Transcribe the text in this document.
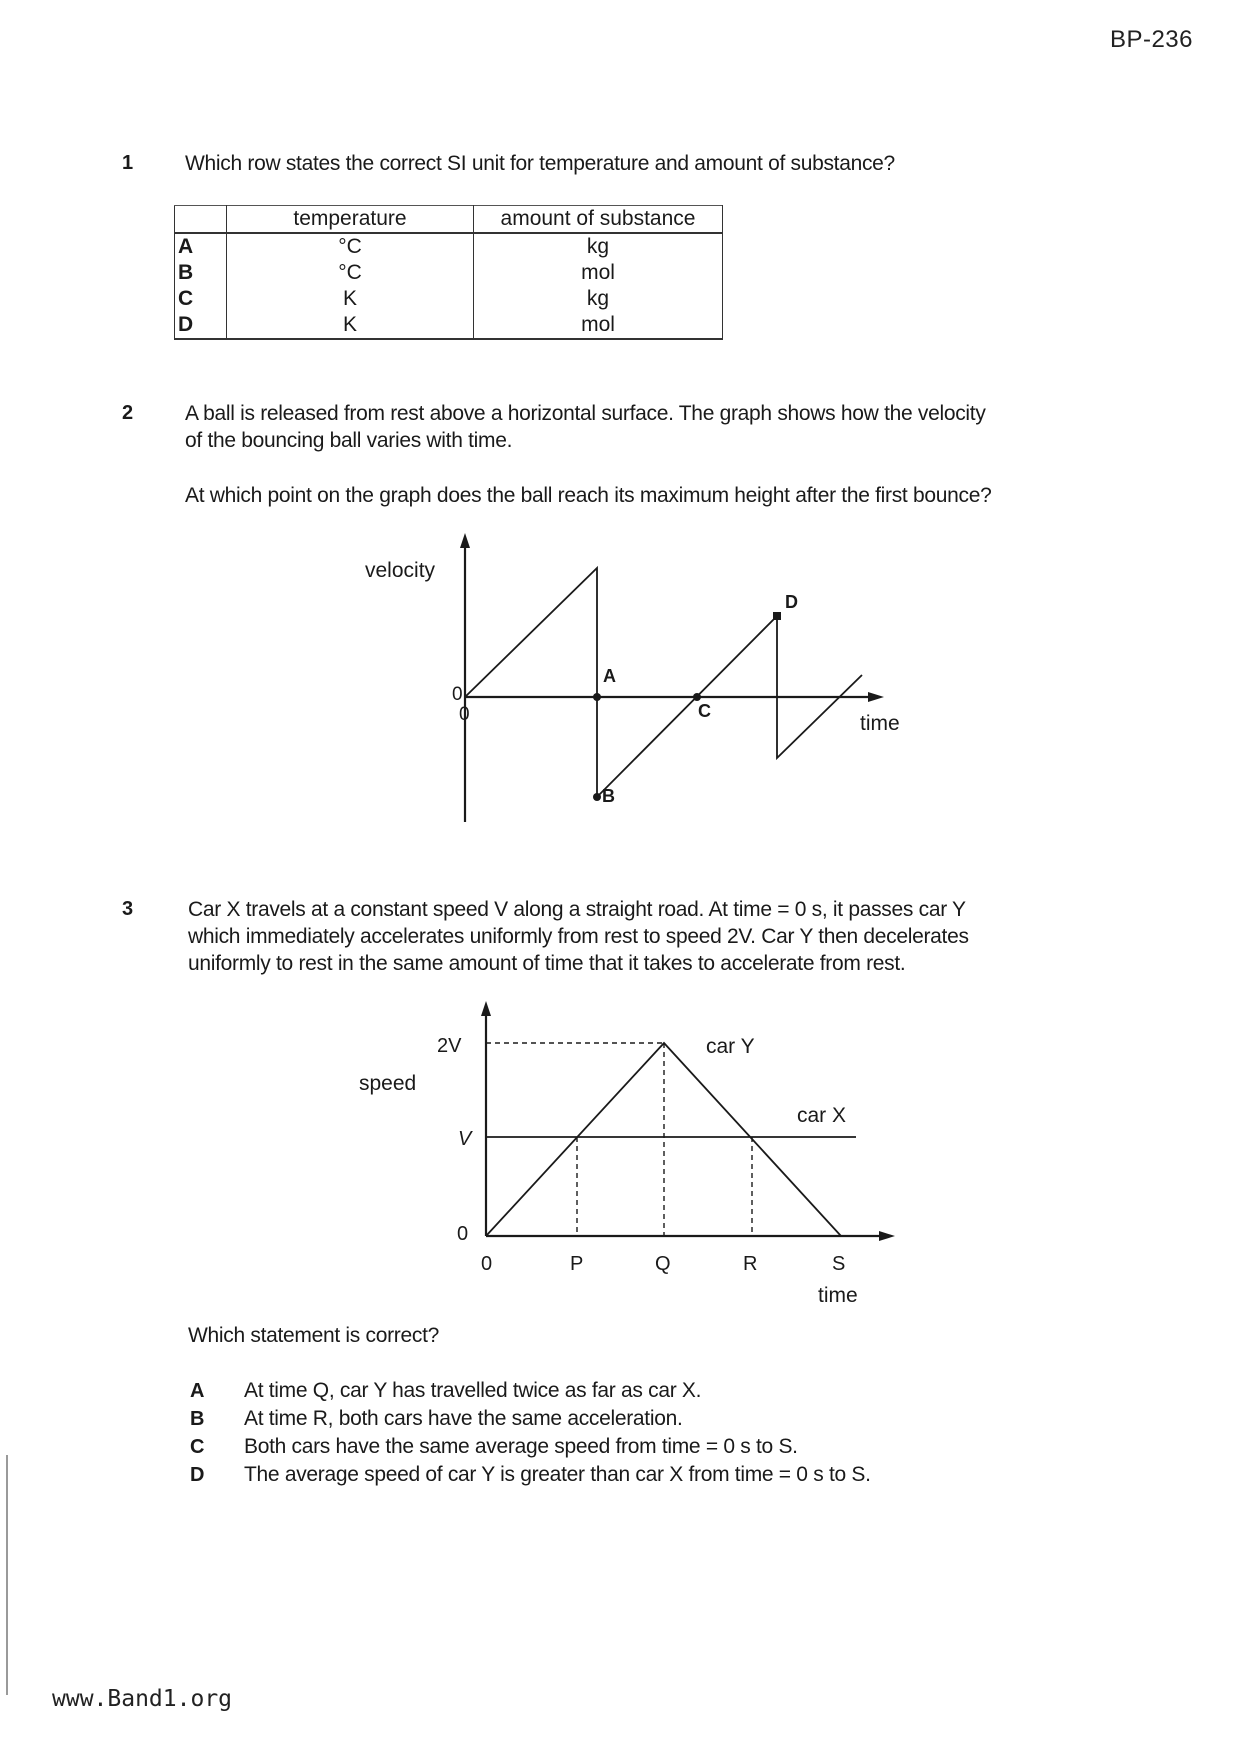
BP-236
1 Which row states the correct SI unit for temperature and amount of substance?
	temperature	amount of substance
A	°C	kg
B	°C	mol
C	K	kg
D	K	mol
2 A ball is released from rest above a horizontal surface. The graph shows how the velocity
of the bouncing ball varies with time.
At which point on the graph does the ball reach its maximum height after the first bounce?
velocity
0
0	time
A
B
C
D
2V
V
0
speed
0	P	Q	R	S
time
car Y
car X
3	Car X travels at a constant speed V along a straight road. At time = 0 s, it passes car Y
which immediately accelerates uniformly from rest to speed 2V. Car Y then decelerates
uniformly to rest in the same amount of time that it takes to accelerate from rest.
Which statement is correct?
A At time Q, car Y has travelled twice as far as car X.
B At time R, both cars have the same acceleration.
C Both cars have the same average speed from time = 0 s to S.
D The average speed of car Y is greater than car X from time = 0 s to S.
www.Band1.org
